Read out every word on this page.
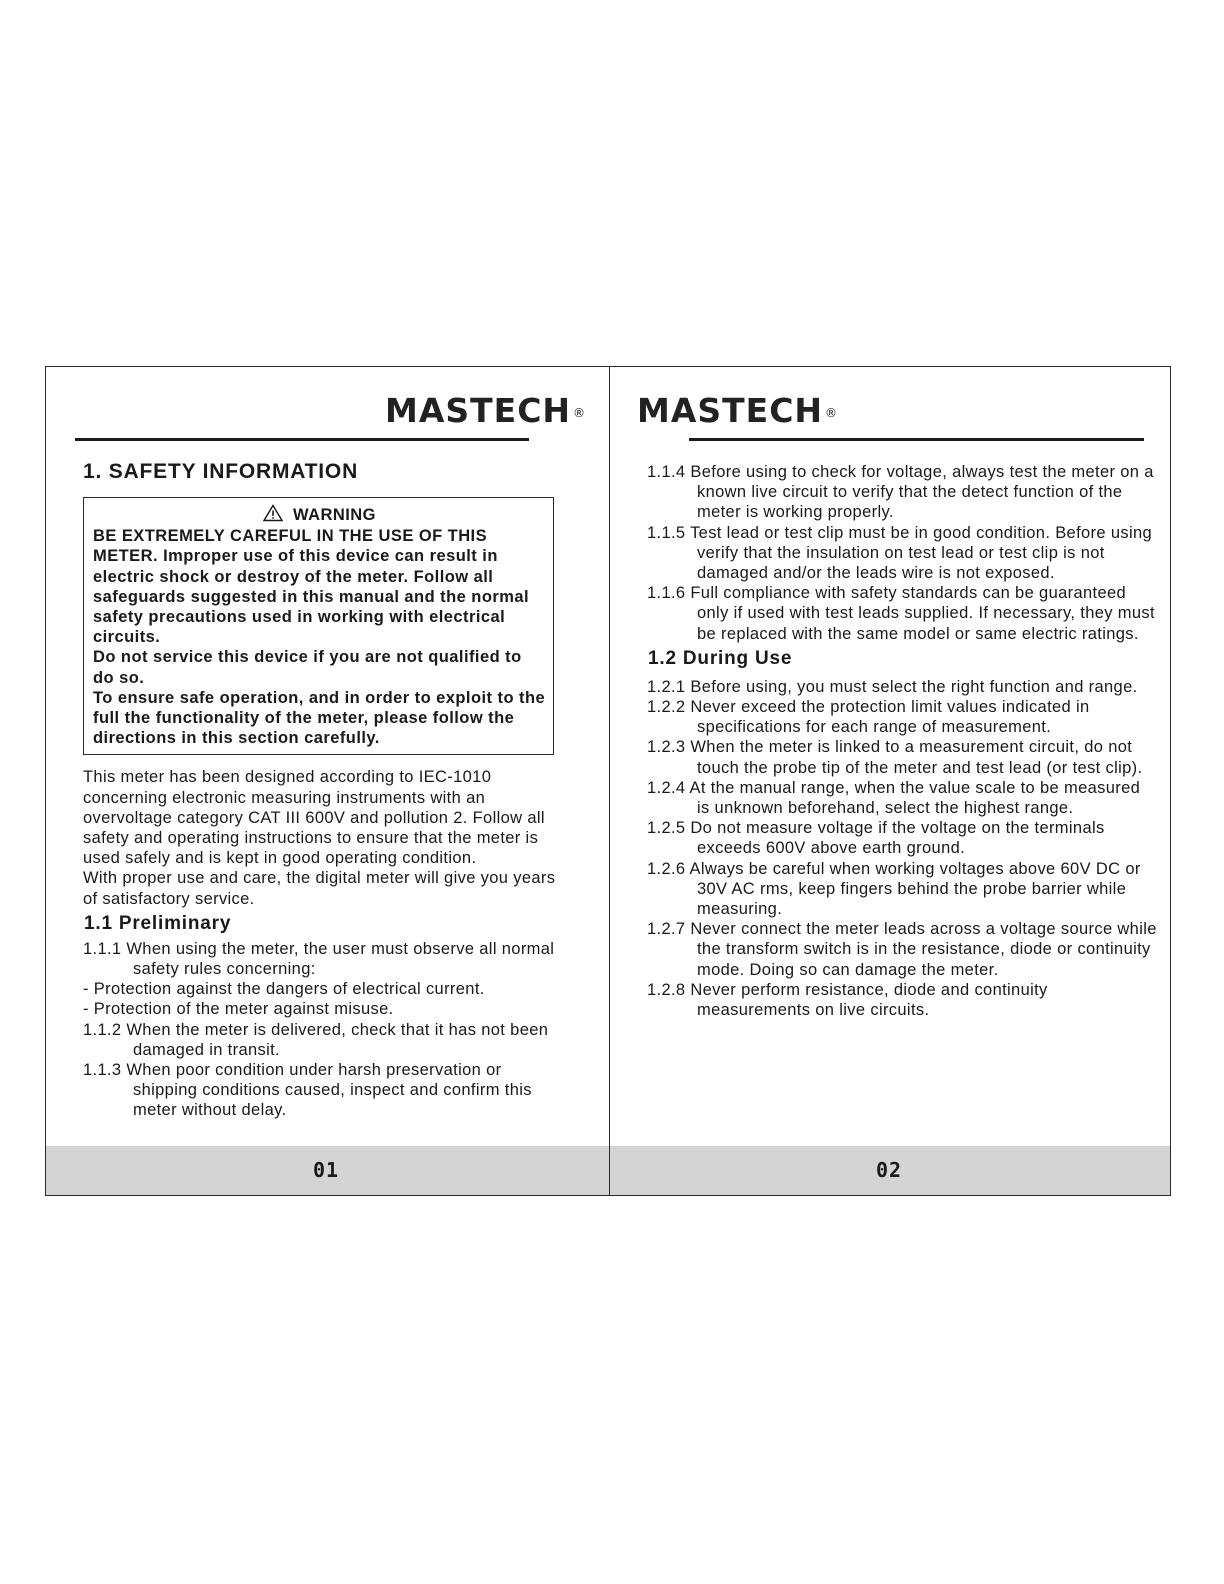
MASTECH ®
1. SAFETY INFORMATION
WARNING

BE EXTREMELY CAREFUL IN THE USE OF THIS METER. Improper use of this device can result in electric shock or destroy of the meter. Follow all safeguards suggested in this manual and the normal safety precautions used in working with electrical circuits.

Do not service this device if you are not qualified to do so.

To ensure safe operation, and in order to exploit to the full the functionality of the meter, please follow the directions in this section carefully.

This meter has been designed according to IEC-1010 concerning electronic measuring instruments with an overvoltage category CAT III 600V and pollution 2. Follow all safety and operating instructions to ensure that the meter is used safely and is kept in good operating condition.

With proper use and care, the digital meter will give you years of satisfactory service.

1.1 Preliminary

1.1.1 When using the meter, the user must observe all normal safety rules concerning:

- Protection against the dangers of electrical current.

- Protection of the meter against misuse.

1.1.2 When the meter is delivered, check that it has not been damaged in transit.

1.1.3 When poor condition under harsh preservation or shipping conditions caused, inspect and confirm this meter without delay.

01
MASTECH ®

1.1.4 Before using to check for voltage, always test the meter on a known live circuit to verify that the detect function of the meter is working properly.

1.1.5 Test lead or test clip must be in good condition. Before using verify that the insulation on test lead or test clip is not damaged and/or the leads wire is not exposed.

1.1.6 Full compliance with safety standards can be guaranteed only if used with test leads supplied. If necessary, they must be replaced with the same model or same electric ratings.

1.2 During Use

1.2.1 Before using, you must select the right function and range.

1.2.2 Never exceed the protection limit values indicated in specifications for each range of measurement.

1.2.3 When the meter is linked to a measurement circuit, do not touch the probe tip of the meter and test lead (or test clip).

1.2.4 At the manual range, when the value scale to be measured is unknown beforehand, select the highest range.

1.2.5 Do not measure voltage if the voltage on the terminals exceeds 600V above earth ground.

1.2.6 Always be careful when working voltages above 60V DC or 30V AC rms, keep fingers behind the probe barrier while measuring.

1.2.7 Never connect the meter leads across a voltage source while the transform switch is in the resistance, diode or continuity mode. Doing so can damage the meter.

1.2.8 Never perform resistance, diode and continuity measurements on live circuits.

02
